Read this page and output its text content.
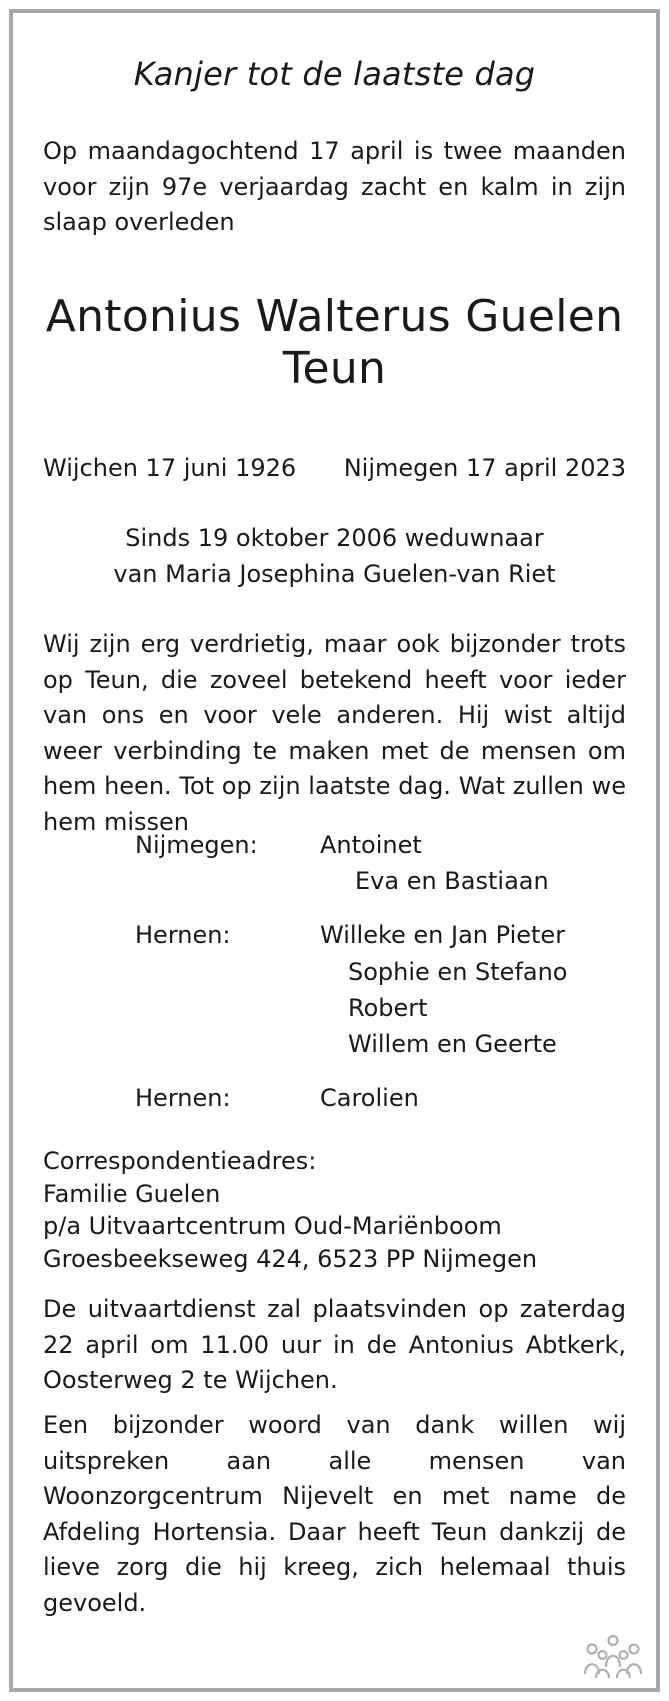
Kanjer tot de laatste dag
Op maandagochtend 17 april is twee maanden voor zijn 97e verjaardag zacht en kalm in zijn slaap overleden
Antonius Walterus Guelen
Teun
Wijchen 17 juni 1926 Nijmegen 17 april 2023
Sinds 19 oktober 2006 weduwnaar
van Maria Josephina Guelen-van Riet
Wij zijn erg verdrietig, maar ook bijzonder trots op Teun, die zoveel betekend heeft voor ieder van ons en voor vele anderen. Hij wist altijd weer verbinding te maken met de mensen om hem heen. Tot op zijn laatste dag. Wat zullen we hem missen
Nijmegen:	Antoinet
Eva en Bastiaan
Hernen:	Willeke en Jan Pieter
Sophie en Stefano
Robert
Willem en Geerte
Hernen:	Carolien
Correspondentieadres:
Familie Guelen
p/a Uitvaartcentrum Oud-Mariënboom
Groesbeekseweg 424, 6523 PP Nijmegen
De uitvaartdienst zal plaatsvinden op zaterdag 22 april om 11.00 uur in de Antonius Abtkerk, Oosterweg 2 te Wijchen.
Een bijzonder woord van dank willen wij uitspreken aan alle mensen van Woonzorgcentrum Nijevelt en met name de Afdeling Hortensia. Daar heeft Teun dankzij de lieve zorg die hij kreeg, zich helemaal thuis gevoeld.
